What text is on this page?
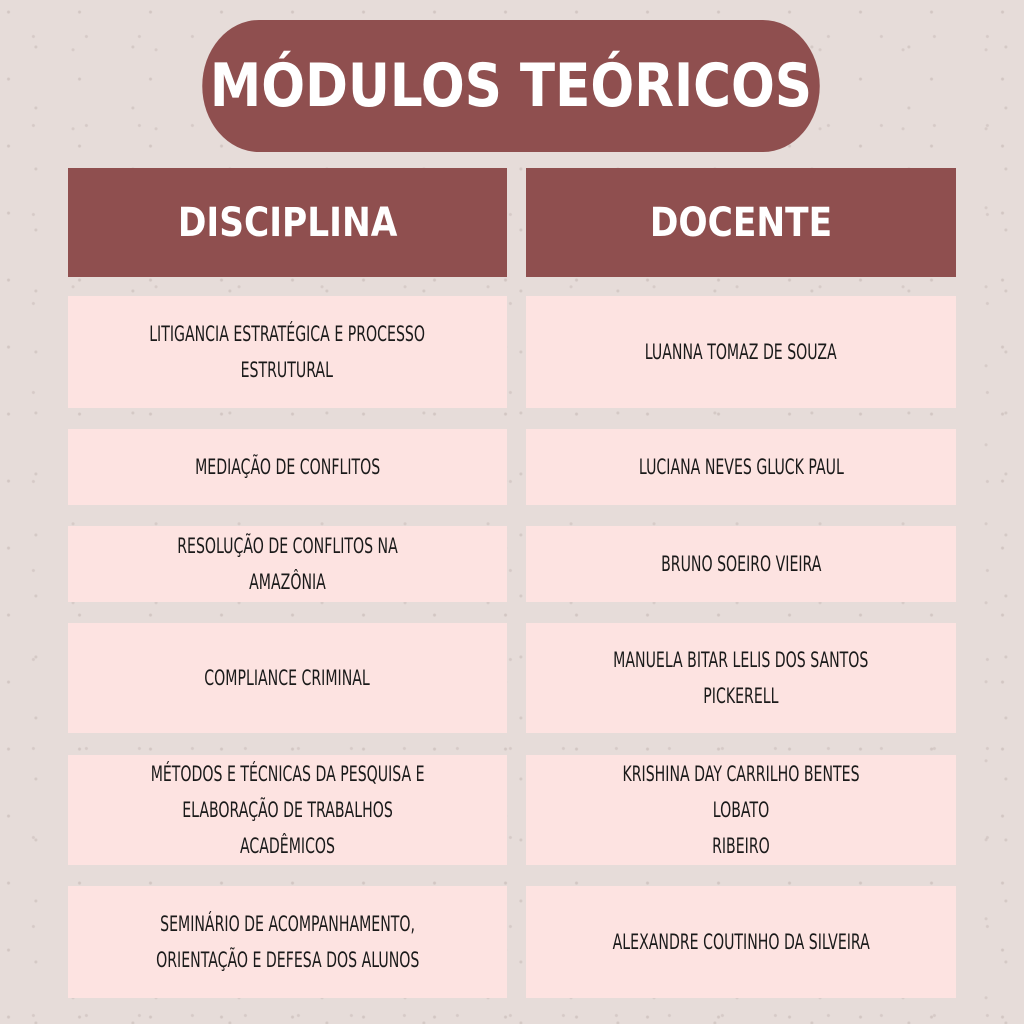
MÓDULOS TEÓRICOS
DISCIPLINA	DOCENTE
LITIGANCIA ESTRATÉGICA E PROCESSO
ESTRUTURAL
LUANNA TOMAZ DE SOUZA
MEDIAÇÃO DE CONFLITOS	LUCIANA NEVES GLUCK PAUL
RESOLUÇÃO DE CONFLITOS NA AMAZÔNIA
BRUNO SOEIRO VIEIRA
COMPLIANCE CRIMINAL
MANUELA BITAR LELIS DOS SANTOS
PICKERELL
MÉTODOS E TÉCNICAS DA PESQUISA E
ELABORAÇÃO DE TRABALHOS ACADÊMICOS
KRISHINA DAY CARRILHO BENTES LOBATO
RIBEIRO
SEMINÁRIO DE ACOMPANHAMENTO,
ORIENTAÇÃO E DEFESA DOS ALUNOS
ALEXANDRE COUTINHO DA SILVEIRA
